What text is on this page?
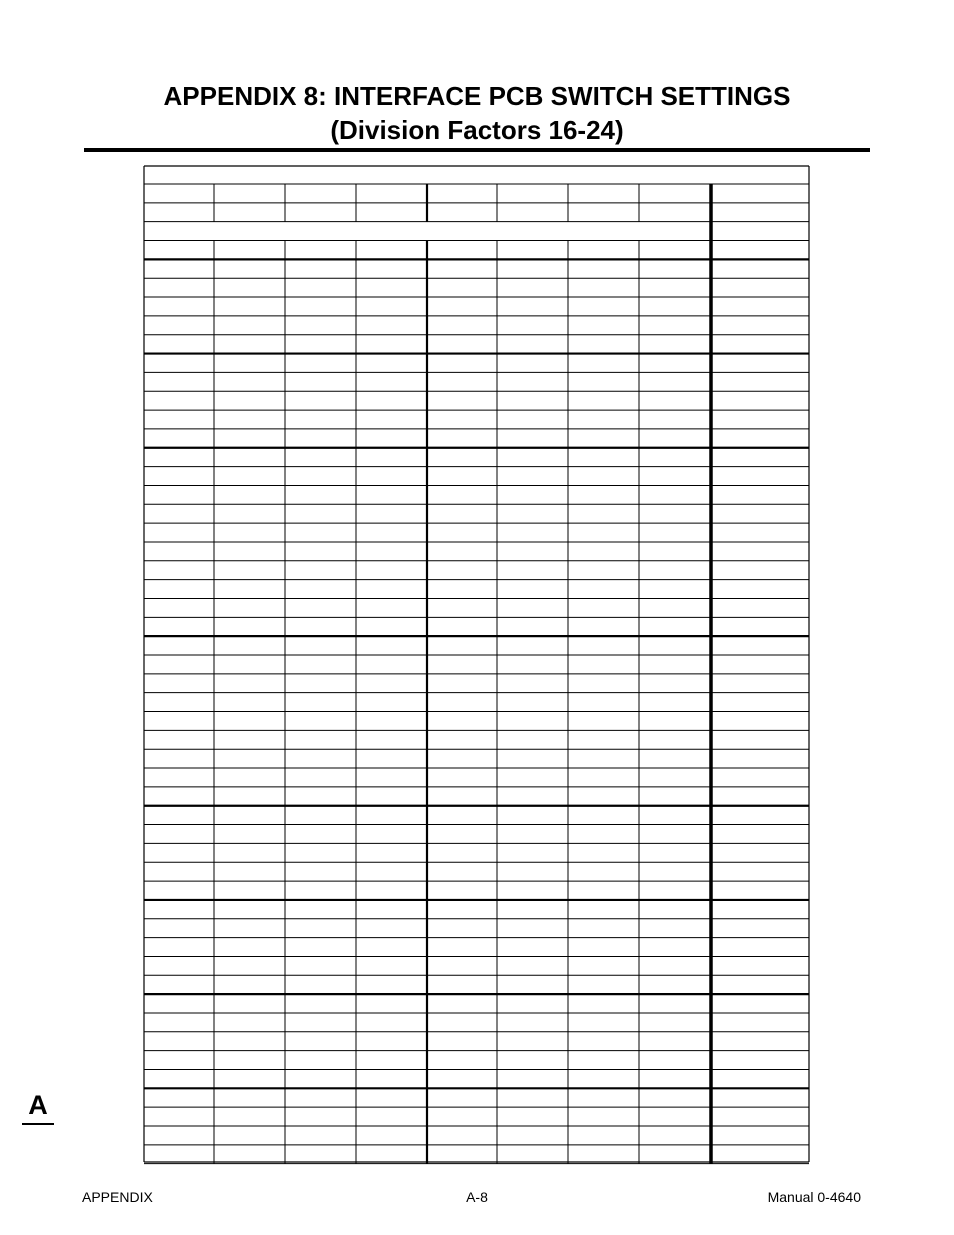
APPENDIX 8: INTERFACE PCB SWITCH SETTINGS
(Division Factors 16-24)
A
APPENDIX	A-8	Manual 0-4640
